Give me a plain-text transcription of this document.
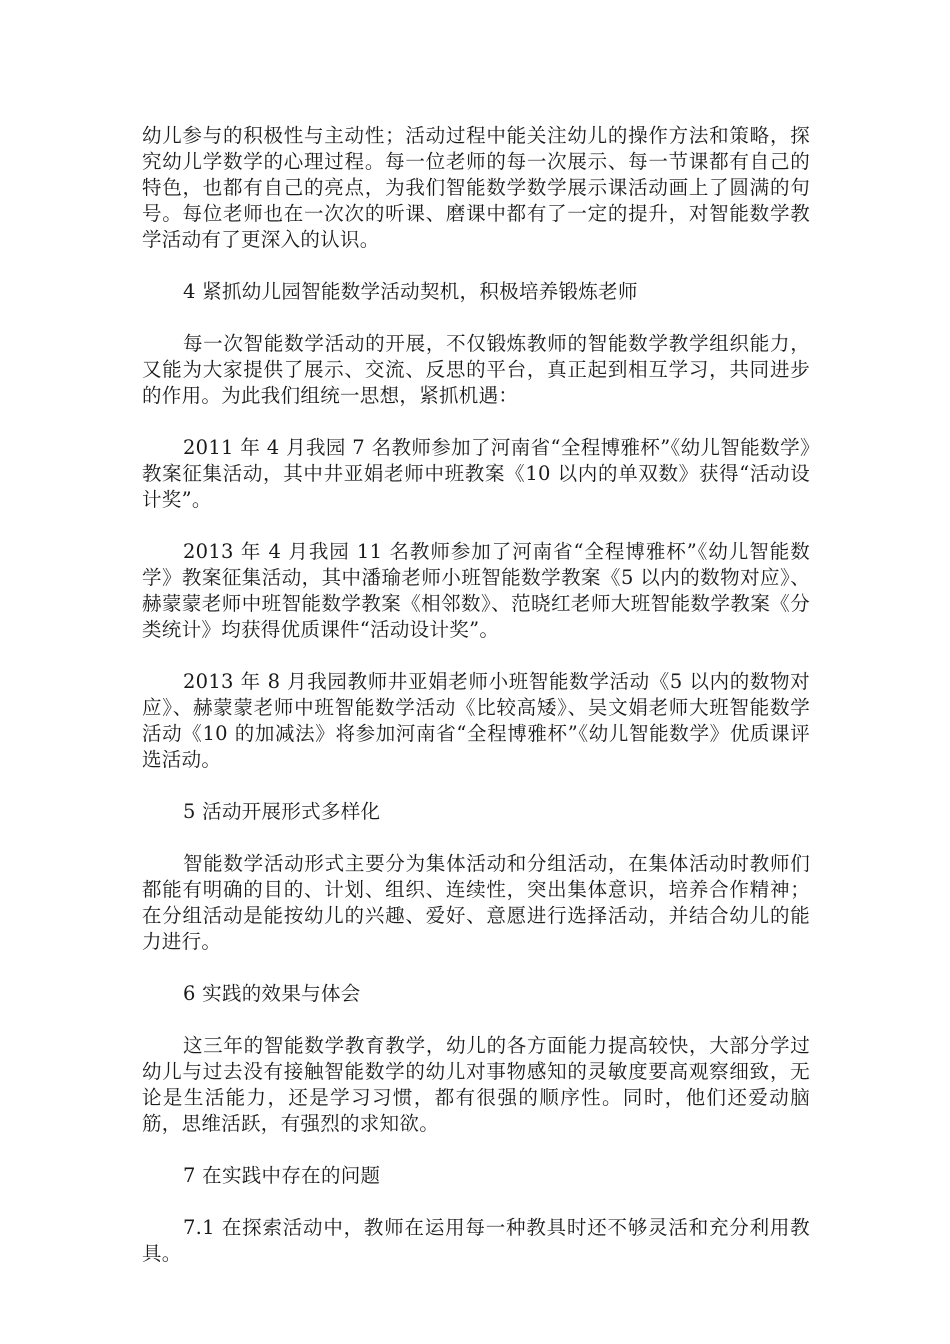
幼儿参与的积极性与主动性；活动过程中能关注幼儿的操作方法和策略，探究幼儿学数学的心理过程。每一位老师的每一次展示、每一节课都有自己的特色，也都有自己的亮点，为我们智能数学数学展示课活动画上了圆满的句号。每位老师也在一次次的听课、磨课中都有了一定的提升，对智能数学教学活动有了更深入的认识。

4 紧抓幼儿园智能数学活动契机，积极培养锻炼老师

每一次智能数学活动的开展，不仅锻炼教师的智能数学教学组织能力，又能为大家提供了展示、交流、反思的平台，真正起到相互学习，共同进步的作用。为此我们组统一思想，紧抓机遇：

2011 年 4 月我园 7 名教师参加了河南省“全程博雅杯”《幼儿智能数学》教案征集活动，其中井亚娟老师中班教案《10 以内的单双数》获得“活动设计奖”。

2013 年 4 月我园 11 名教师参加了河南省“全程博雅杯”《幼儿智能数学》教案征集活动，其中潘瑜老师小班智能数学教案《5 以内的数物对应》、赫蒙蒙老师中班智能数学教案《相邻数》、范晓红老师大班智能数学教案《分类统计》均获得优质课件“活动设计奖”。

2013 年 8 月我园教师井亚娟老师小班智能数学活动《5 以内的数物对应》、赫蒙蒙老师中班智能数学活动《比较高矮》、吴文娟老师大班智能数学活动《10 的加减法》将参加河南省“全程博雅杯”《幼儿智能数学》优质课评选活动。

5 活动开展形式多样化

智能数学活动形式主要分为集体活动和分组活动，在集体活动时教师们都能有明确的目的、计划、组织、连续性，突出集体意识，培养合作精神；在分组活动是能按幼儿的兴趣、爱好、意愿进行选择活动，并结合幼儿的能力进行。

6 实践的效果与体会

这三年的智能数学教育教学，幼儿的各方面能力提高较快，大部分学过幼儿与过去没有接触智能数学的幼儿对事物感知的灵敏度要高观察细致，无论是生活能力，还是学习习惯，都有很强的顺序性。同时，他们还爱动脑筋，思维活跃，有强烈的求知欲。

7 在实践中存在的问题

7.1 在探索活动中，教师在运用每一种教具时还不够灵活和充分利用教具。
